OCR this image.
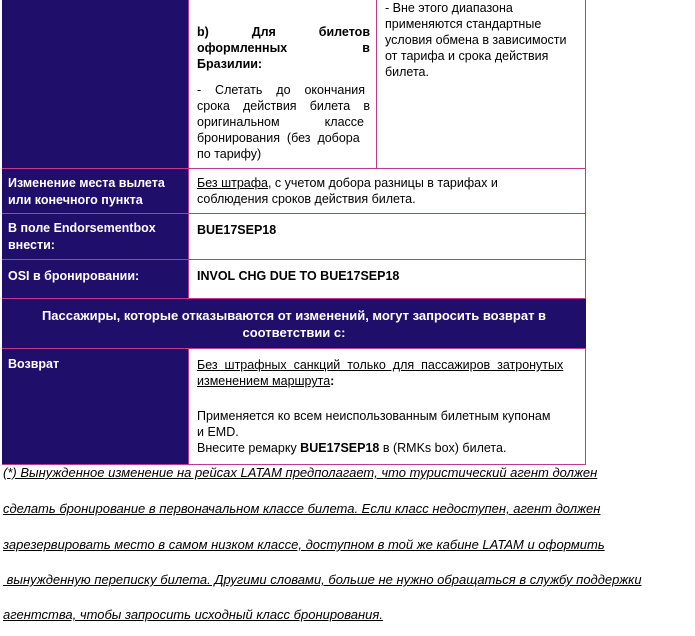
b)        Для        билетов
оформленных                   в
Бразилии:
-    Слетать    до    окончания
срока действия билета в
оригинальном             классе
бронирования  (без  добора
по тарифу)
- Вне этого диапазона
применяются стандартные
условия обмена в зависимости
от тарифа и срока действия
билета.
Изменение места вылета
или конечного пункта
Без штрафа, с учетом добора разницы в тарифах и
соблюдения сроков действия билета.
В поле Endorsementbox
внести:
BUE17SEP18
OSI в бронировании:	INVOL CHG DUE TO BUE17SEP18
Пассажиры, которые отказываются от изменений, могут запросить возврат в
соответствии с:
Возврат	Без  штрафных  санкций  только  для  пассажиров  затронутых
изменением маршрута:
Применяется ко всем неиспользованным билетным купонам
и EMD.
Внесите ремарку BUE17SEP18 в (RMKs box) билета.
(*) Вынужденное изменение на рейсах LATAM предполагает, что туристический агент должен
сделать бронирование в первоначальном классе билета. Если класс недоступен, агент должен
зарезервировать место в самом низком классе, доступном в той же кабине LATAM и оформить
вынужденную переписку билета. Другими словами, больше не нужно обращаться в службу поддержки
агентства, чтобы запросить исходный класс бронирования.
